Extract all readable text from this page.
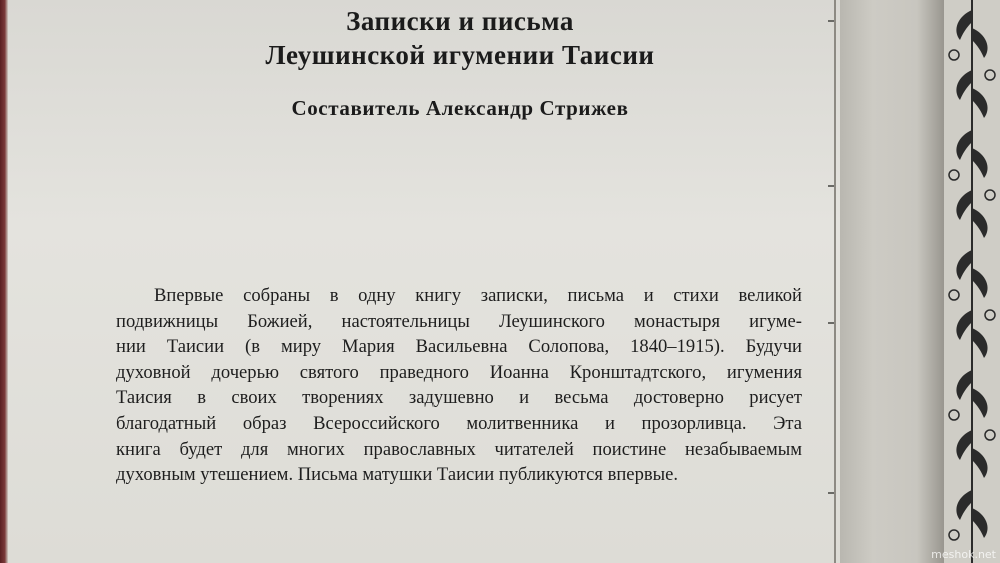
Записки и письма
Леушинской игумении Таисии
Составитель Александр Стрижев

Впервые собраны в одну книгу записки, письма и стихи великой
подвижницы Божией, настоятельницы Леушинского монастыря игуме-
нии Таисии (в миру Мария Васильевна Солопова, 1840–1915). Будучи
духовной дочерью святого праведного Иоанна Кронштадтского, игумения
Таисия в своих творениях задушевно и весьма достоверно рисует
благодатный образ Всероссийского молитвенника и прозорливца. Эта
книга будет для многих православных читателей поистине незабываемым
духовным утешением. Письма матушки Таисии публикуются впервые.

meshok.net
